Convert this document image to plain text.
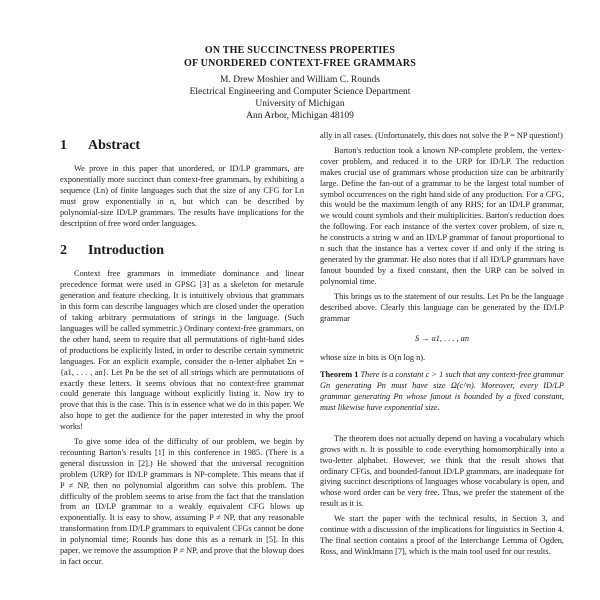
ON THE SUCCINCTNESS PROPERTIES
OF UNORDERED CONTEXT-FREE GRAMMARS
M. Drew Moshier and William C. Rounds
Electrical Engineering and Computer Science Department
University of Michigan
Ann Arbor, Michigan 48109
1 Abstract

We prove in this paper that unordered, or ID/LP grammars, are exponentially more succinct than context-free grammars, by exhibiting a sequence (Ln) of finite languages such that the size of any CFG for Ln must grow exponentially in n, but which can be described by polynomial-size ID/LP grammars. The results have implications for the description of free word order languages.

2 Introduction

Context free grammars in immediate dominance and linear precedence format were used in GPSG [3] as a skeleton for metarule generation and feature checking. It is intuitively obvious that grammars in this form can describe languages which are closed under the operation of taking arbitrary permutations of strings in the language. (Such languages will be called symmetric.) Ordinary context-free grammars, on the other hand, seem to require that all permutations of right-hand sides of productions be explicitly listed, in order to describe certain symmetric languages. For an explicit example, consider the n-letter alphabet Σn = {a1, . . . , an}. Let Pn be the set of all strings which are permutations of exactly these letters. It seems obvious that no context-free grammar could generate this language without explicitly listing it. Now try to prove that this is the case. This is in essence what we do in this paper. We also hope to get the audience for the paper interested in why the proof works!

To give some idea of the difficulty of our problem, we begin by recounting Barton's results [1] in this conference in 1985. (There is a general discussion in [2].) He showed that the universal recognition problem (URP) for ID/LP grammars is NP-complete. This means that if P ≠ NP, then no polynomial algorithm can solve this problem. The difficulty of the problem seems to arise from the fact that the translation from an ID/LP grammar to a weakly equivalent CFG blows up exponentially. It is easy to show, assuming P ≠ NP, that any reasonable transformation from ID/LP grammars to equivalent CFGs cannot be done in polynomial time; Rounds has done this as a remark in [5]. In this paper, we remove the assumption P ≠ NP, and prove that the blowup does in fact occur.

ally in all cases. (Unfortunately, this does not solve the P = NP question!)

Barton's reduction took a known NP-complete problem, the vertex-cover problem, and reduced it to the URP for ID/LP. The reduction makes crucial use of grammars whose production size can be arbitrarily large. Define the fan-out of a grammar to be the largest total number of symbol occurrences on the right hand side of any production. For a CFG, this would be the maximum length of any RHS; for an ID/LP grammar, we would count symbols and their multiplicities. Barton's reduction does the following. For each instance of the vertex cover problem, of size n, he constructs a string w and an ID/LP grammar of fanout proportional to n such that the instance has a vertex cover if and only if the string is generated by the grammar. He also notes that if all ID/LP grammars have fanout bounded by a fixed constant, then the URP can be solved in polynomial time.

This brings us to the statement of our results. Let Pn be the language described above. Clearly this language can be generated by the ID/LP grammar

S → a1, . . . , an

whose size in bits is O(n log n).

Theorem 1 There is a constant c > 1 such that any context-free grammar Gn generating Pn must have size Ω(c^n). Moreover, every ID/LP grammar generating Pn whose fanout is bounded by a fixed constant, must likewise have exponential size.

The theorem does not actually depend on having a vocabulary which grows with n. It is possible to code everything homomorphically into a two-letter alphabet. However, we think that the result shows that ordinary CFGs, and bounded-fanout ID/LP grammars, are inadequate for giving succinct descriptions of languages whose vocabulary is open, and whose word order can be very free. Thus, we prefer the statement of the result as it is.

We start the paper with the technical results, in Section 3, and continue with a discussion of the implications for linguistics in Section 4. The final section contains a proof of the Interchange Lemma of Ogden, Ross, and Winklmann [7], which is the main tool used for our results.
